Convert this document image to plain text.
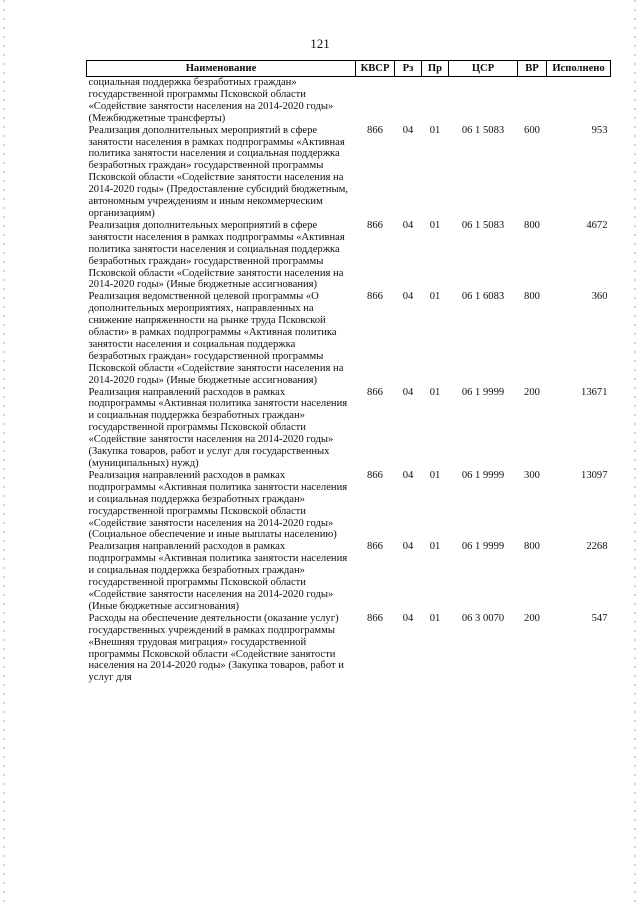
121
Наименование	КВСР	Рз	Пр	ЦСР	ВР	Исполнено
социальная поддержка безработных граждан» государственной программы Псковской области «Содействие занятости населения на 2014-2020 годы» (Межбюджетные трансферты)						
Реализация дополнительных мероприятий в сфере занятости населения в рамках подпрограммы «Активная политика занятости населения и социальная поддержка безработных граждан» государственной программы Псковской области «Содействие занятости населения на 2014-2020 годы» (Предоставление субсидий бюджетным, автономным учреждениям и иным некоммерческим организациям)	866	04	01	06 1 5083	600	953
Реализация дополнительных мероприятий в сфере занятости населения в рамках подпрограммы «Активная политика занятости населения и социальная поддержка безработных граждан» государственной программы Псковской области «Содействие занятости населения на 2014-2020 годы» (Иные бюджетные ассигнования)	866	04	01	06 1 5083	800	4672
Реализация ведомственной целевой программы «О дополнительных мероприятиях, направленных на снижение напряженности на рынке труда Псковской области» в рамках подпрограммы «Активная политика занятости населения и социальная поддержка безработных граждан» государственной программы Псковской области «Содействие занятости населения на 2014-2020 годы» (Иные бюджетные ассигнования)	866	04	01	06 1 6083	800	360
Реализация направлений расходов в рамках подпрограммы «Активная политика занятости населения и социальная поддержка безработных граждан» государственной программы Псковской области «Содействие занятости населения на 2014-2020 годы» (Закупка товаров, работ и услуг для государственных (муниципальных) нужд)	866	04	01	06 1 9999	200	13671
Реализация направлений расходов в рамках подпрограммы «Активная политика занятости населения и социальная поддержка безработных граждан» государственной программы Псковской области «Содействие занятости населения на 2014-2020 годы» (Социальное обеспечение и иные выплаты населению)	866	04	01	06 1 9999	300	13097
Реализация направлений расходов в рамках подпрограммы «Активная политика занятости населения и социальная поддержка безработных граждан» государственной программы Псковской области «Содействие занятости населения на 2014-2020 годы» (Иные бюджетные ассигнования)	866	04	01	06 1 9999	800	2268
Расходы на обеспечение деятельности (оказание услуг) государственных учреждений в рамках подпрограммы «Внешняя трудовая миграция» государственной программы Псковской области «Содействие занятости населения на 2014-2020 годы» (Закупка товаров, работ и услуг для	866	04	01	06 3 0070	200	547
